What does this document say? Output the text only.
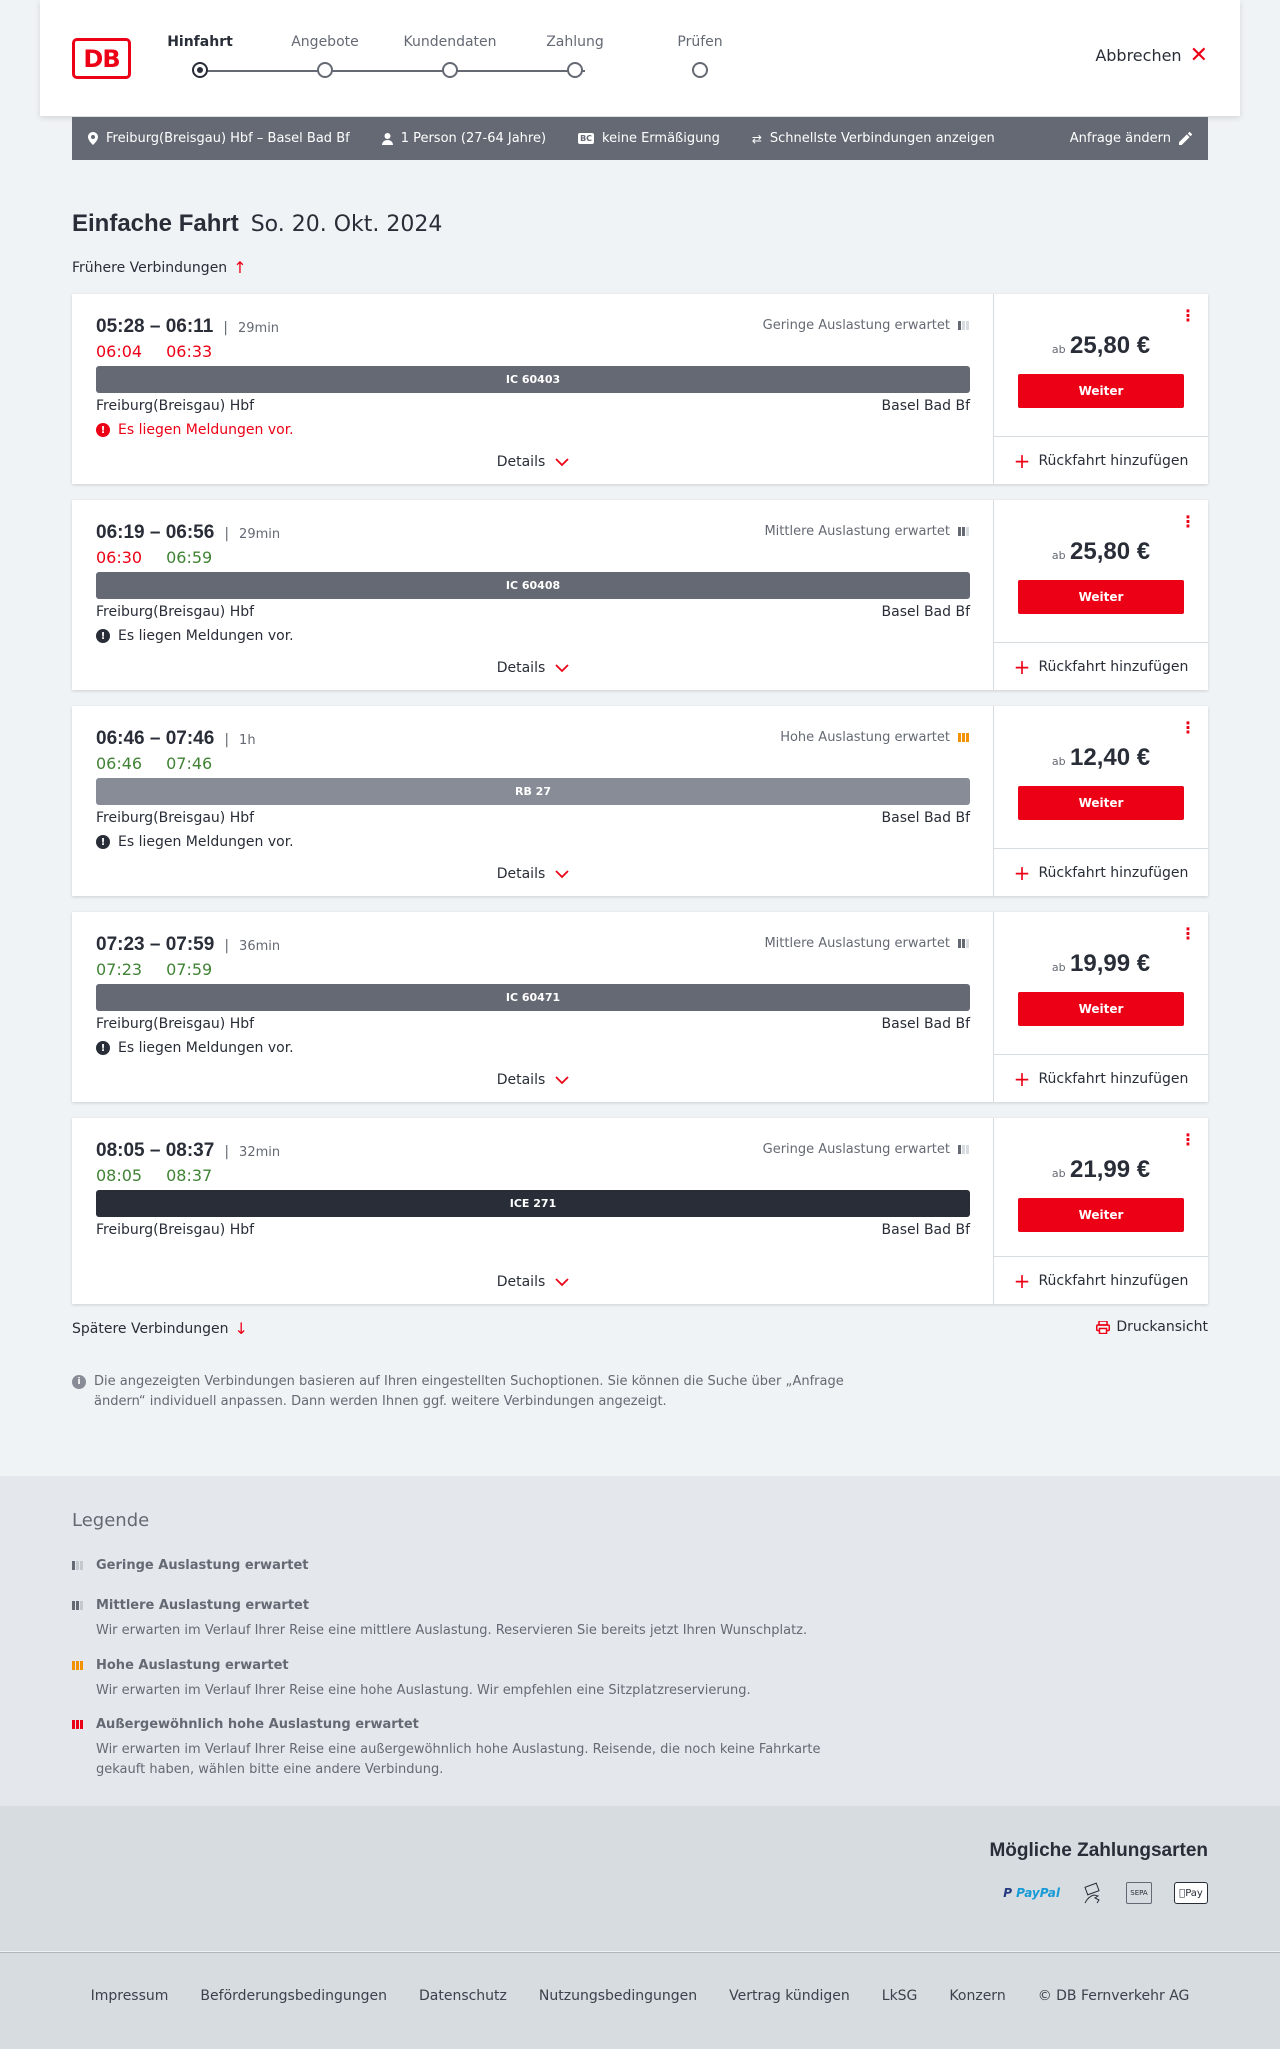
DB
Hinfahrt	Angebote	Kundendaten	Zahlung	Prüfen
Abbrechen ✕
Freiburg(Breisgau) Hbf – Basel Bad Bf	1 Person (27-64 Jahre)	BC keine Ermäßigung	⇄ Schnellste Verbindungen anzeigen	Anfrage ändern
Einfache Fahrt So. 20. Okt. 2024
Frühere Verbindungen ↑
05:28 – 06:11 | 29min
06:04 06:33
Geringe Auslastung erwartet
IC 60403
Freiburg(Breisgau) Hbf	Basel Bad Bf
! Es liegen Meldungen vor.
Details
⋮
ab 25,80 €
Weiter
+ Rückfahrt hinzufügen
06:19 – 06:56 | 29min
06:30 06:59
Mittlere Auslastung erwartet
IC 60408
Freiburg(Breisgau) Hbf	Basel Bad Bf
! Es liegen Meldungen vor.
Details
⋮
ab 25,80 €
Weiter
+ Rückfahrt hinzufügen
06:46 – 07:46 | 1h
06:46 07:46
Hohe Auslastung erwartet
RB 27
Freiburg(Breisgau) Hbf	Basel Bad Bf
! Es liegen Meldungen vor.
Details
⋮
ab 12,40 €
Weiter
+ Rückfahrt hinzufügen
07:23 – 07:59 | 36min
07:23 07:59
Mittlere Auslastung erwartet
IC 60471
Freiburg(Breisgau) Hbf	Basel Bad Bf
! Es liegen Meldungen vor.
Details
⋮
ab 19,99 €
Weiter
+ Rückfahrt hinzufügen
08:05 – 08:37 | 32min
08:05 08:37
Geringe Auslastung erwartet
ICE 271
Freiburg(Breisgau) Hbf	Basel Bad Bf
Details
⋮
ab 21,99 €
Weiter
+ Rückfahrt hinzufügen
Spätere Verbindungen ↓	Druckansicht
i	Die angezeigten Verbindungen basieren auf Ihren eingestellten Suchoptionen. Sie können die Suche über „Anfrage ändern“ individuell anpassen. Dann werden Ihnen ggf. weitere Verbindungen angezeigt.
Legende
Geringe Auslastung erwartet
Mittlere Auslastung erwartet
Wir erwarten im Verlauf Ihrer Reise eine mittlere Auslastung. Reservieren Sie bereits jetzt Ihren Wunschplatz.
Hohe Auslastung erwartet
Wir erwarten im Verlauf Ihrer Reise eine hohe Auslastung. Wir empfehlen eine Sitzplatzreservierung.
Außergewöhnlich hohe Auslastung erwartet
Wir erwarten im Verlauf Ihrer Reise eine außergewöhnlich hohe Auslastung. Reisende, die noch keine Fahrkarte gekauft haben, wählen bitte eine andere Verbindung.
Mögliche Zahlungsarten
P Pay Pal	SEPA	Pay
Impressum Beförderungsbedingungen Datenschutz Nutzungsbedingungen Vertrag kündigen LkSG Konzern © DB Fernverkehr AG
